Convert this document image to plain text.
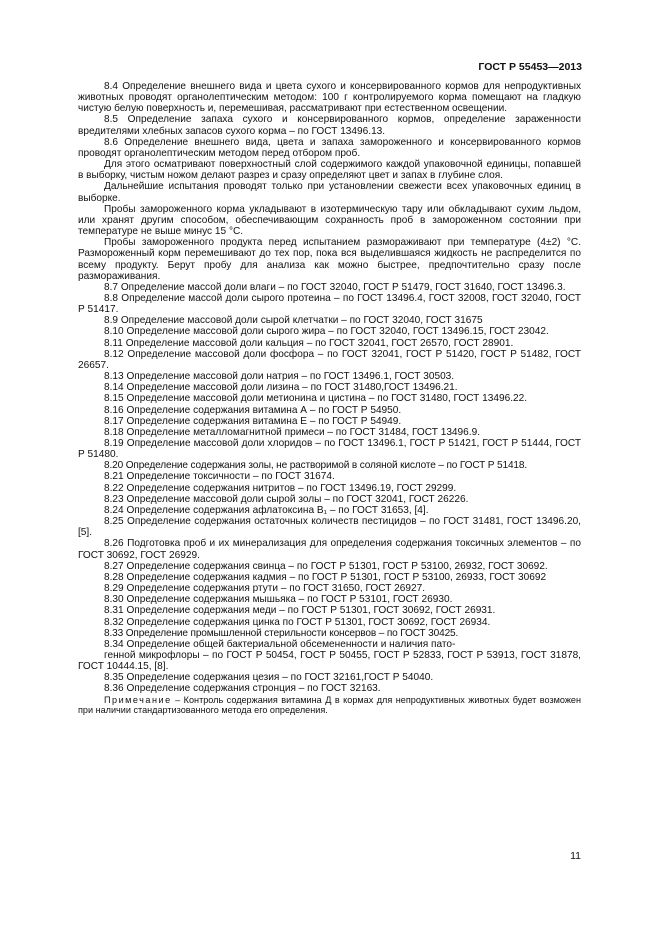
ГОСТ Р 55453—2013

8.4 Определение внешнего вида и цвета сухого и консервированного кормов для непродуктивных животных проводят органолептическим методом: 100 г контролируемого корма помещают на гладкую чистую белую поверхность и, перемешивая, рассматривают при естественном освещении.

8.5 Определение запаха сухого и консервированного кормов, определение зараженности вредителями хлебных запасов сухого корма – по ГОСТ 13496.13.

8.6 Определение внешнего вида, цвета и запаха замороженного и консервированного кормов проводят органолептическим методом перед отбором проб.

Для этого осматривают поверхностный слой содержимого каждой упаковочной единицы, попавшей в выборку, чистым ножом делают разрез и сразу определяют цвет и запах в глубине слоя.

Дальнейшие испытания проводят только при установлении свежести всех упаковочных единиц в выборке.

Пробы замороженного корма укладывают в изотермическую тару или обкладывают сухим льдом, или хранят другим способом, обеспечивающим сохранность проб в замороженном состоянии при температуре не выше минус 15 °С.

Пробы замороженного продукта перед испытанием размораживают при температуре (4±2) °С. Размороженный корм перемешивают до тех пор, пока вся выделившаяся жидкость не распределится по всему продукту. Берут пробу для анализа как можно быстрее, предпочтительно сразу после размораживания.

8.7 Определение массой доли влаги – по ГОСТ 32040, ГОСТ Р 51479, ГОСТ 31640, ГОСТ 13496.3.

8.8 Определение массой доли сырого протеина – по ГОСТ 13496.4, ГОСТ 32008, ГОСТ 32040, ГОСТ Р 51417.

8.9 Определение массовой доли сырой клетчатки – по ГОСТ 32040, ГОСТ 31675

8.10 Определение массовой доли сырого жира – по ГОСТ 32040, ГОСТ 13496.15, ГОСТ 23042.

8.11 Определение массовой доли кальция – по ГОСТ 32041, ГОСТ 26570, ГОСТ 28901.

8.12 Определение массовой доли фосфора – по ГОСТ 32041, ГОСТ Р 51420, ГОСТ Р 51482, ГОСТ 26657.

8.13 Определение массовой доли натрия – по ГОСТ 13496.1, ГОСТ 30503.

8.14 Определение массовой доли лизина – по ГОСТ 31480,ГОСТ 13496.21.

8.15 Определение массовой доли метионина и цистина – по ГОСТ 31480, ГОСТ 13496.22.

8.16 Определение содержания витамина А – по ГОСТ Р 54950.

8.17 Определение содержания витамина Е – по ГОСТ Р 54949.

8.18 Определение металломагнитной примеси – по ГОСТ 31484, ГОСТ 13496.9.

8.19 Определение массовой доли хлоридов – по ГОСТ 13496.1, ГОСТ Р 51421, ГОСТ Р 51444, ГОСТ Р 51480.

8.20 Определение содержания золы, не растворимой в соляной кислоте – по ГОСТ Р 51418.

8.21 Определение токсичности – по ГОСТ 31674.

8.22 Определение содержания нитритов – по ГОСТ 13496.19, ГОСТ 29299.

8.23 Определение массовой доли сырой золы – по ГОСТ 32041, ГОСТ 26226.

8.24 Определение содержания афлатоксина B₁ – по ГОСТ 31653, [4].

8.25 Определение содержания остаточных количеств пестицидов – по ГОСТ 31481, ГОСТ 13496.20, [5].

8.26 Подготовка проб и их минерализация для определения содержания токсичных элементов – по ГОСТ 30692, ГОСТ 26929.

8.27 Определение содержания свинца – по ГОСТ Р 51301, ГОСТ Р 53100, 26932, ГОСТ 30692.

8.28 Определение содержания кадмия – по ГОСТ Р 51301, ГОСТ Р 53100, 26933, ГОСТ 30692

8.29 Определение содержания ртути – по ГОСТ 31650, ГОСТ 26927.

8.30 Определение содержания мышьяка – по ГОСТ Р 53101, ГОСТ 26930.

8.31 Определение содержания меди – по ГОСТ Р 51301, ГОСТ 30692, ГОСТ 26931.

8.32 Определение содержания цинка по ГОСТ Р 51301, ГОСТ 30692, ГОСТ 26934.

8.33 Определение промышленной стерильности консервов – по ГОСТ 30425.

8.34 Определение общей бактериальной обсемененности и наличия пато-

генной микрофлоры – по ГОСТ Р 50454, ГОСТ Р 50455, ГОСТ Р 52833, ГОСТ Р 53913, ГОСТ 31878, ГОСТ 10444.15, [8].

8.35 Определение содержания цезия – по ГОСТ 32161,ГОСТ Р 54040.

8.36 Определение содержания стронция – по ГОСТ 32163.

Примечание – Контроль содержания витамина Д в кормах для непродуктивных животных будет возможен при наличии стандартизованного метода его определения.

11
